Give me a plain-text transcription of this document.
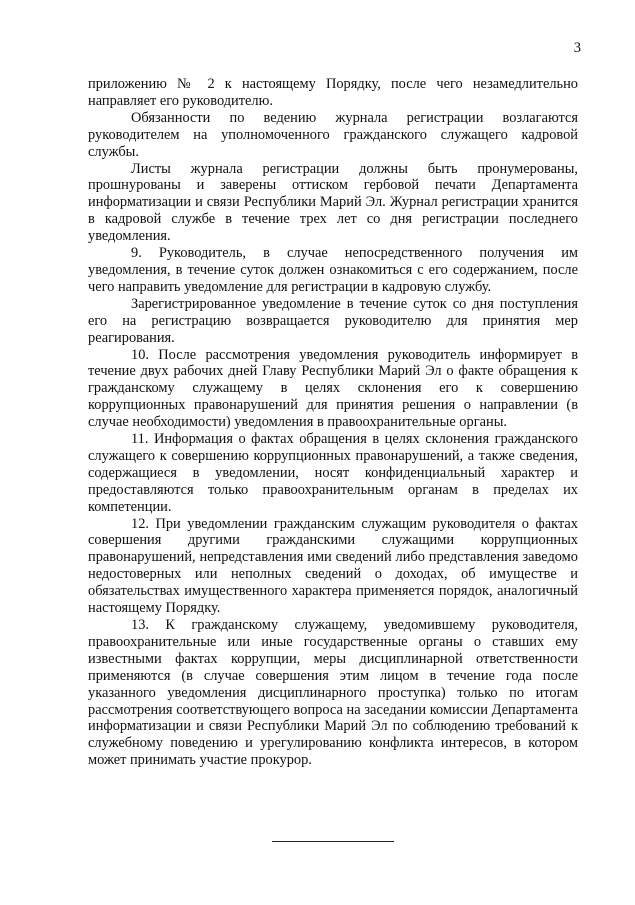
3

приложению № 2 к настоящему Порядку, после чего незамедлительно направляет его руководителю.

Обязанности по ведению журнала регистрации возлагаются руководителем на уполномоченного гражданского служащего кадровой службы.

Листы журнала регистрации должны быть пронумерованы, прошнурованы и заверены оттиском гербовой печати Департамента информатизации и связи Республики Марий Эл. Журнал регистрации хранится в кадровой службе в течение трех лет со дня регистрации последнего уведомления.

9. Руководитель, в случае непосредственного получения им уведомления, в течение суток должен ознакомиться с его содержанием, после чего направить уведомление для регистрации в кадровую службу.

Зарегистрированное уведомление в течение суток со дня поступления его на регистрацию возвращается руководителю для принятия мер реагирования.

10. После рассмотрения уведомления руководитель информирует в течение двух рабочих дней Главу Республики Марий Эл о факте обращения к гражданскому служащему в целях склонения его к совершению коррупционных правонарушений для принятия решения о направлении (в случае необходимости) уведомления в правоохранительные органы.

11. Информация о фактах обращения в целях склонения гражданского служащего к совершению коррупционных правонарушений, а также сведения, содержащиеся в уведомлении, носят конфиденциальный характер и предоставляются только правоохранительным органам в пределах их компетенции.

12. При уведомлении гражданским служащим руководителя о фактах совершения другими гражданскими служащими коррупционных правонарушений, непредставления ими сведений либо представления заведомо недостоверных или неполных сведений о доходах, об имуществе и обязательствах имущественного характера применяется порядок, аналогичный настоящему Порядку.

13. К гражданскому служащему, уведомившему руководителя, правоохранительные или иные государственные органы о ставших ему известными фактах коррупции, меры дисциплинарной ответственности применяются (в случае совершения этим лицом в течение года после указанного уведомления дисциплинарного проступка) только по итогам рассмотрения соответствующего вопроса на заседании комиссии Департамента информатизации и связи Республики Марий Эл по соблюдению требований к служебному поведению и урегулированию конфликта интересов, в котором может принимать участие прокурор.
